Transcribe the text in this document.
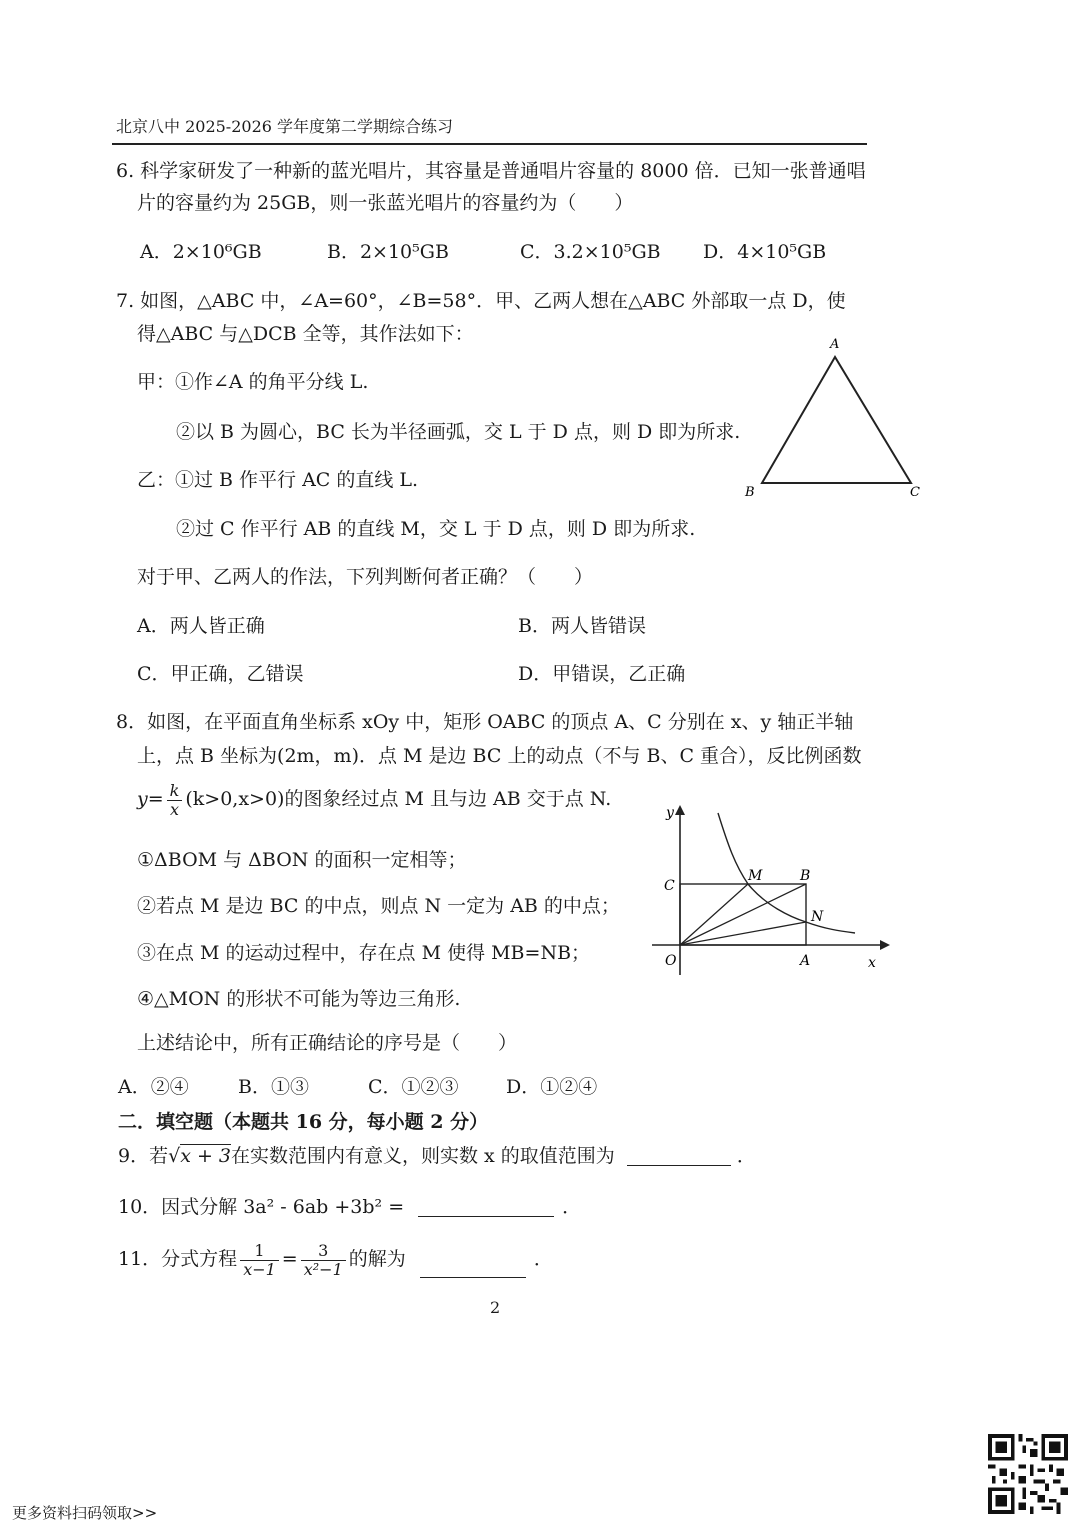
北京八中 2025-2026 学年度第二学期综合练习
6. 科学家研发了一种新的蓝光唱片，其容量是普通唱片容量的 8000 倍．已知一张普通唱
片的容量约为 25GB，则一张蓝光唱片的容量约为（　　）
A．2×10⁶GB	B．2×10⁵GB	C．3.2×10⁵GB D．4×10⁵GB
7. 如图，△ABC 中，∠A=60°，∠B=58°．甲、乙两人想在△ABC 外部取一点 D，使
得△ABC 与△DCB 全等，其作法如下：
甲：①作∠A 的角平分线 L.
②以 B 为圆心，BC 长为半径画弧，交 L 于 D 点，则 D 即为所求.
乙：①过 B 作平行 AC 的直线 L.
②过 C 作平行 AB 的直线 M，交 L 于 D 点，则 D 即为所求.
对于甲、乙两人的作法，下列判断何者正确？（　　）
A．两人皆正确	B．两人皆错误
C．甲正确，乙错误	D．甲错误，乙正确
A
B	C
8．如图，在平面直角坐标系 xOy 中，矩形 OABC 的顶点 A、C 分别在 x、y 轴正半轴
上，点 B 坐标为(2m，m)．点 M 是边 BC 上的动点（不与 B、C 重合），反比例函数
$y= \frac{k}{x} (k>0,x>0)$的图象经过点 M 且与边 AB 交于点 N.
①ΔBOM 与 ΔBON 的面积一定相等；
②若点 M 是边 BC 的中点，则点 N 一定为 AB 的中点；
③在点 M 的运动过程中，存在点 M 使得 MB=NB；
④△MON 的形状不可能为等边三角形.
上述结论中，所有正确结论的序号是（　　）
A．②④	B．①③	C．①②③ D．①②④
y
x
O	A
C
B
M
N
二．填空题（本题共 16 分，每小题 2 分）
9．若√x + 3在实数范围内有意义，则实数 x 的取值范围为	．
10．因式分解 3a² - 6ab +3b² =	．
11．分式方程 $\frac{1}{x-1} = \frac{3}{\text{x²−1}}$ 的解为	．
2
更多资料扫码领取>>
